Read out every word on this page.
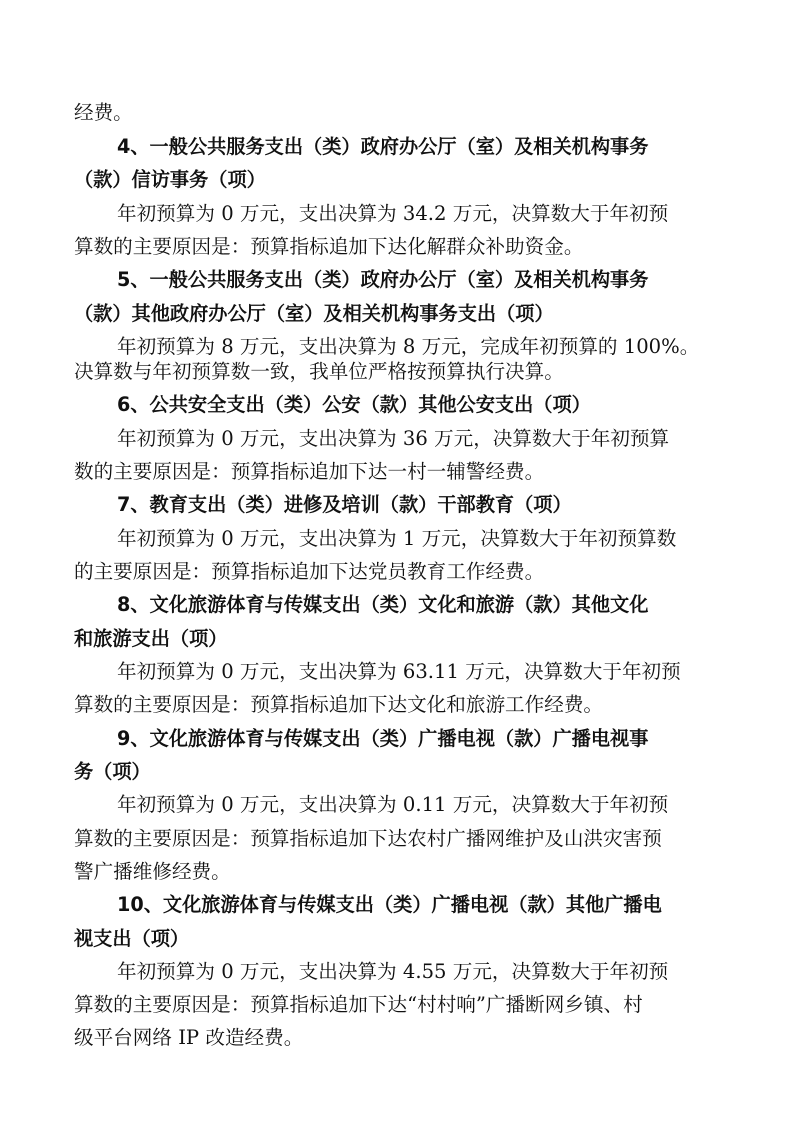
经费。
4、一般公共服务支出（类）政府办公厅（室）及相关机构事务
（款）信访事务（项）
年初预算为 0 万元，支出决算为 34.2 万元，决算数大于年初预
算数的主要原因是：预算指标追加下达化解群众补助资金。
5、一般公共服务支出（类）政府办公厅（室）及相关机构事务
（款）其他政府办公厅（室）及相关机构事务支出（项）
年初预算为 8 万元，支出决算为 8 万元，完成年初预算的 100%。
决算数与年初预算数一致，我单位严格按预算执行决算。
6、公共安全支出（类）公安（款）其他公安支出（项）
年初预算为 0 万元，支出决算为 36 万元，决算数大于年初预算
数的主要原因是：预算指标追加下达一村一辅警经费。
7、教育支出（类）进修及培训（款）干部教育（项）
年初预算为 0 万元，支出决算为 1 万元，决算数大于年初预算数
的主要原因是：预算指标追加下达党员教育工作经费。
8、文化旅游体育与传媒支出（类）文化和旅游（款）其他文化
和旅游支出（项）
年初预算为 0 万元，支出决算为 63.11 万元，决算数大于年初预
算数的主要原因是：预算指标追加下达文化和旅游工作经费。
9、文化旅游体育与传媒支出（类）广播电视（款）广播电视事
务（项）
年初预算为 0 万元，支出决算为 0.11 万元，决算数大于年初预
算数的主要原因是：预算指标追加下达农村广播网维护及山洪灾害预
警广播维修经费。
10、文化旅游体育与传媒支出（类）广播电视（款）其他广播电
视支出（项）
年初预算为 0 万元，支出决算为 4.55 万元，决算数大于年初预
算数的主要原因是：预算指标追加下达“村村响”广播断网乡镇、村
级平台网络 IP 改造经费。
